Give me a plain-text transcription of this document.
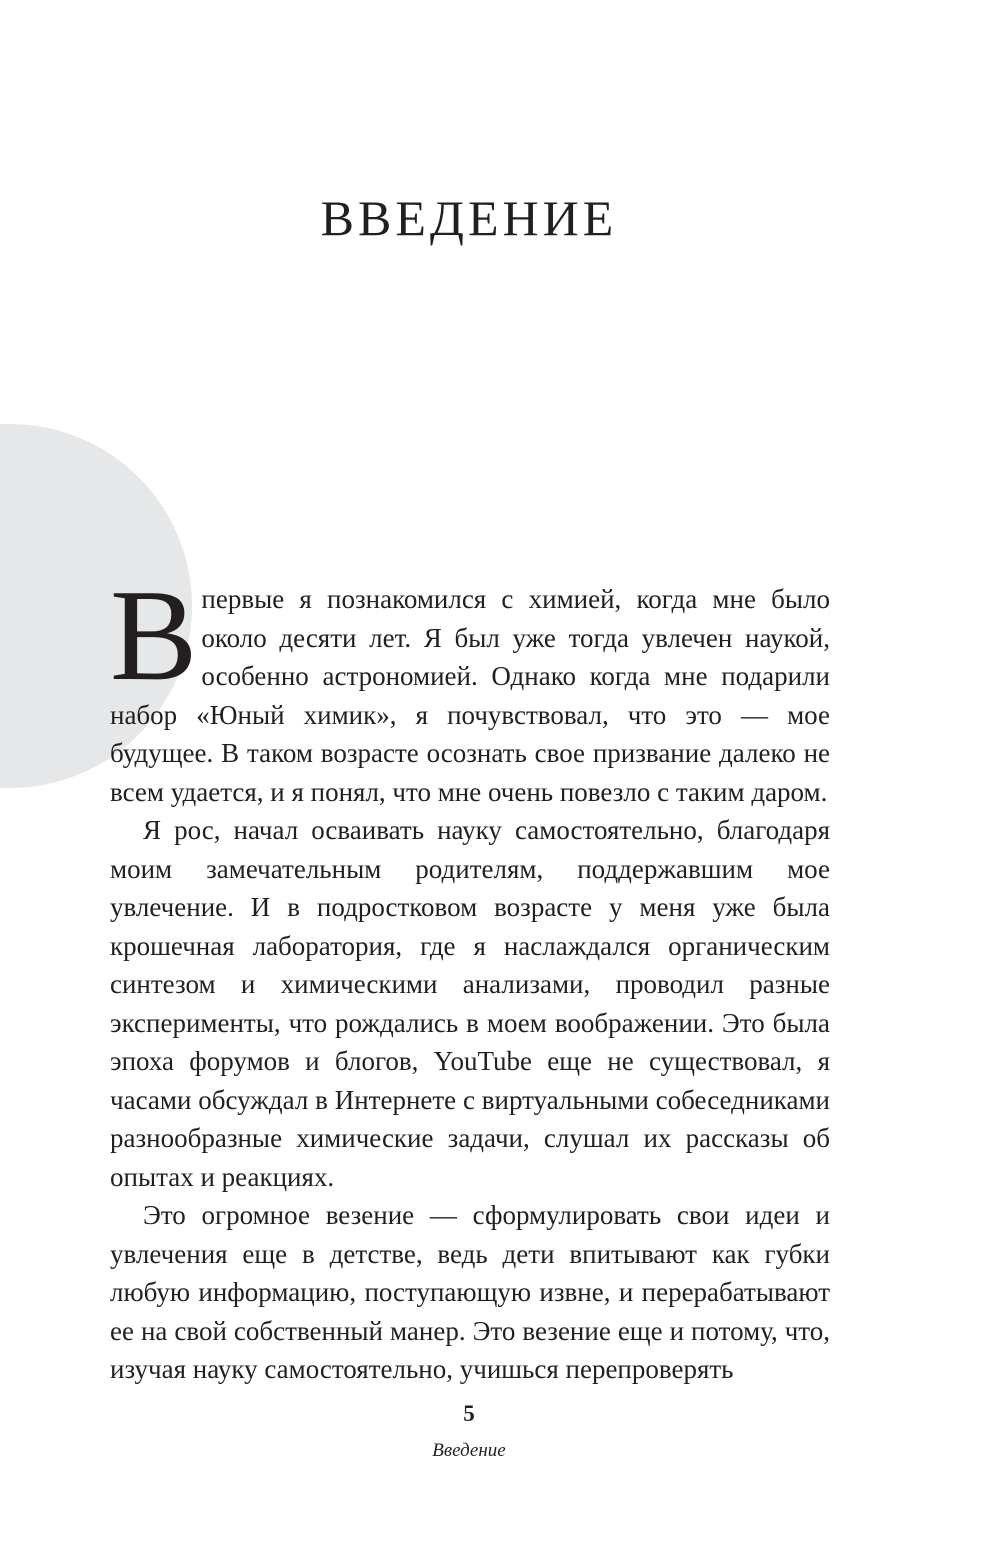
ВВЕДЕНИЕ

Впервые я познакомился с химией, когда мне было около десяти лет. Я был уже тогда увлечен наукой, особенно астрономией. Однако когда мне подарили набор «Юный химик», я почувствовал, что это — мое будущее. В таком возрасте осознать свое призвание далеко не всем удается, и я понял, что мне очень повезло с таким даром.

Я рос, начал осваивать науку самостоятельно, благодаря моим замечательным родителям, поддержавшим мое увлечение. И в подростковом возрасте у меня уже была крошечная лаборатория, где я наслаждался органическим синтезом и химическими анализами, проводил разные эксперименты, что рождались в моем воображении. Это была эпоха форумов и блогов, YouTube еще не существовал, я часами обсуждал в Интернете с виртуальными собеседниками разнообразные химические задачи, слушал их рассказы об опытах и реакциях.

Это огромное везение — сформулировать свои идеи и увлечения еще в детстве, ведь дети впитывают как губки любую информацию, поступающую извне, и перерабатывают ее на свой собственный манер. Это везение еще и потому, что, изучая науку самостоятельно, учишься перепроверять

5
Введение
